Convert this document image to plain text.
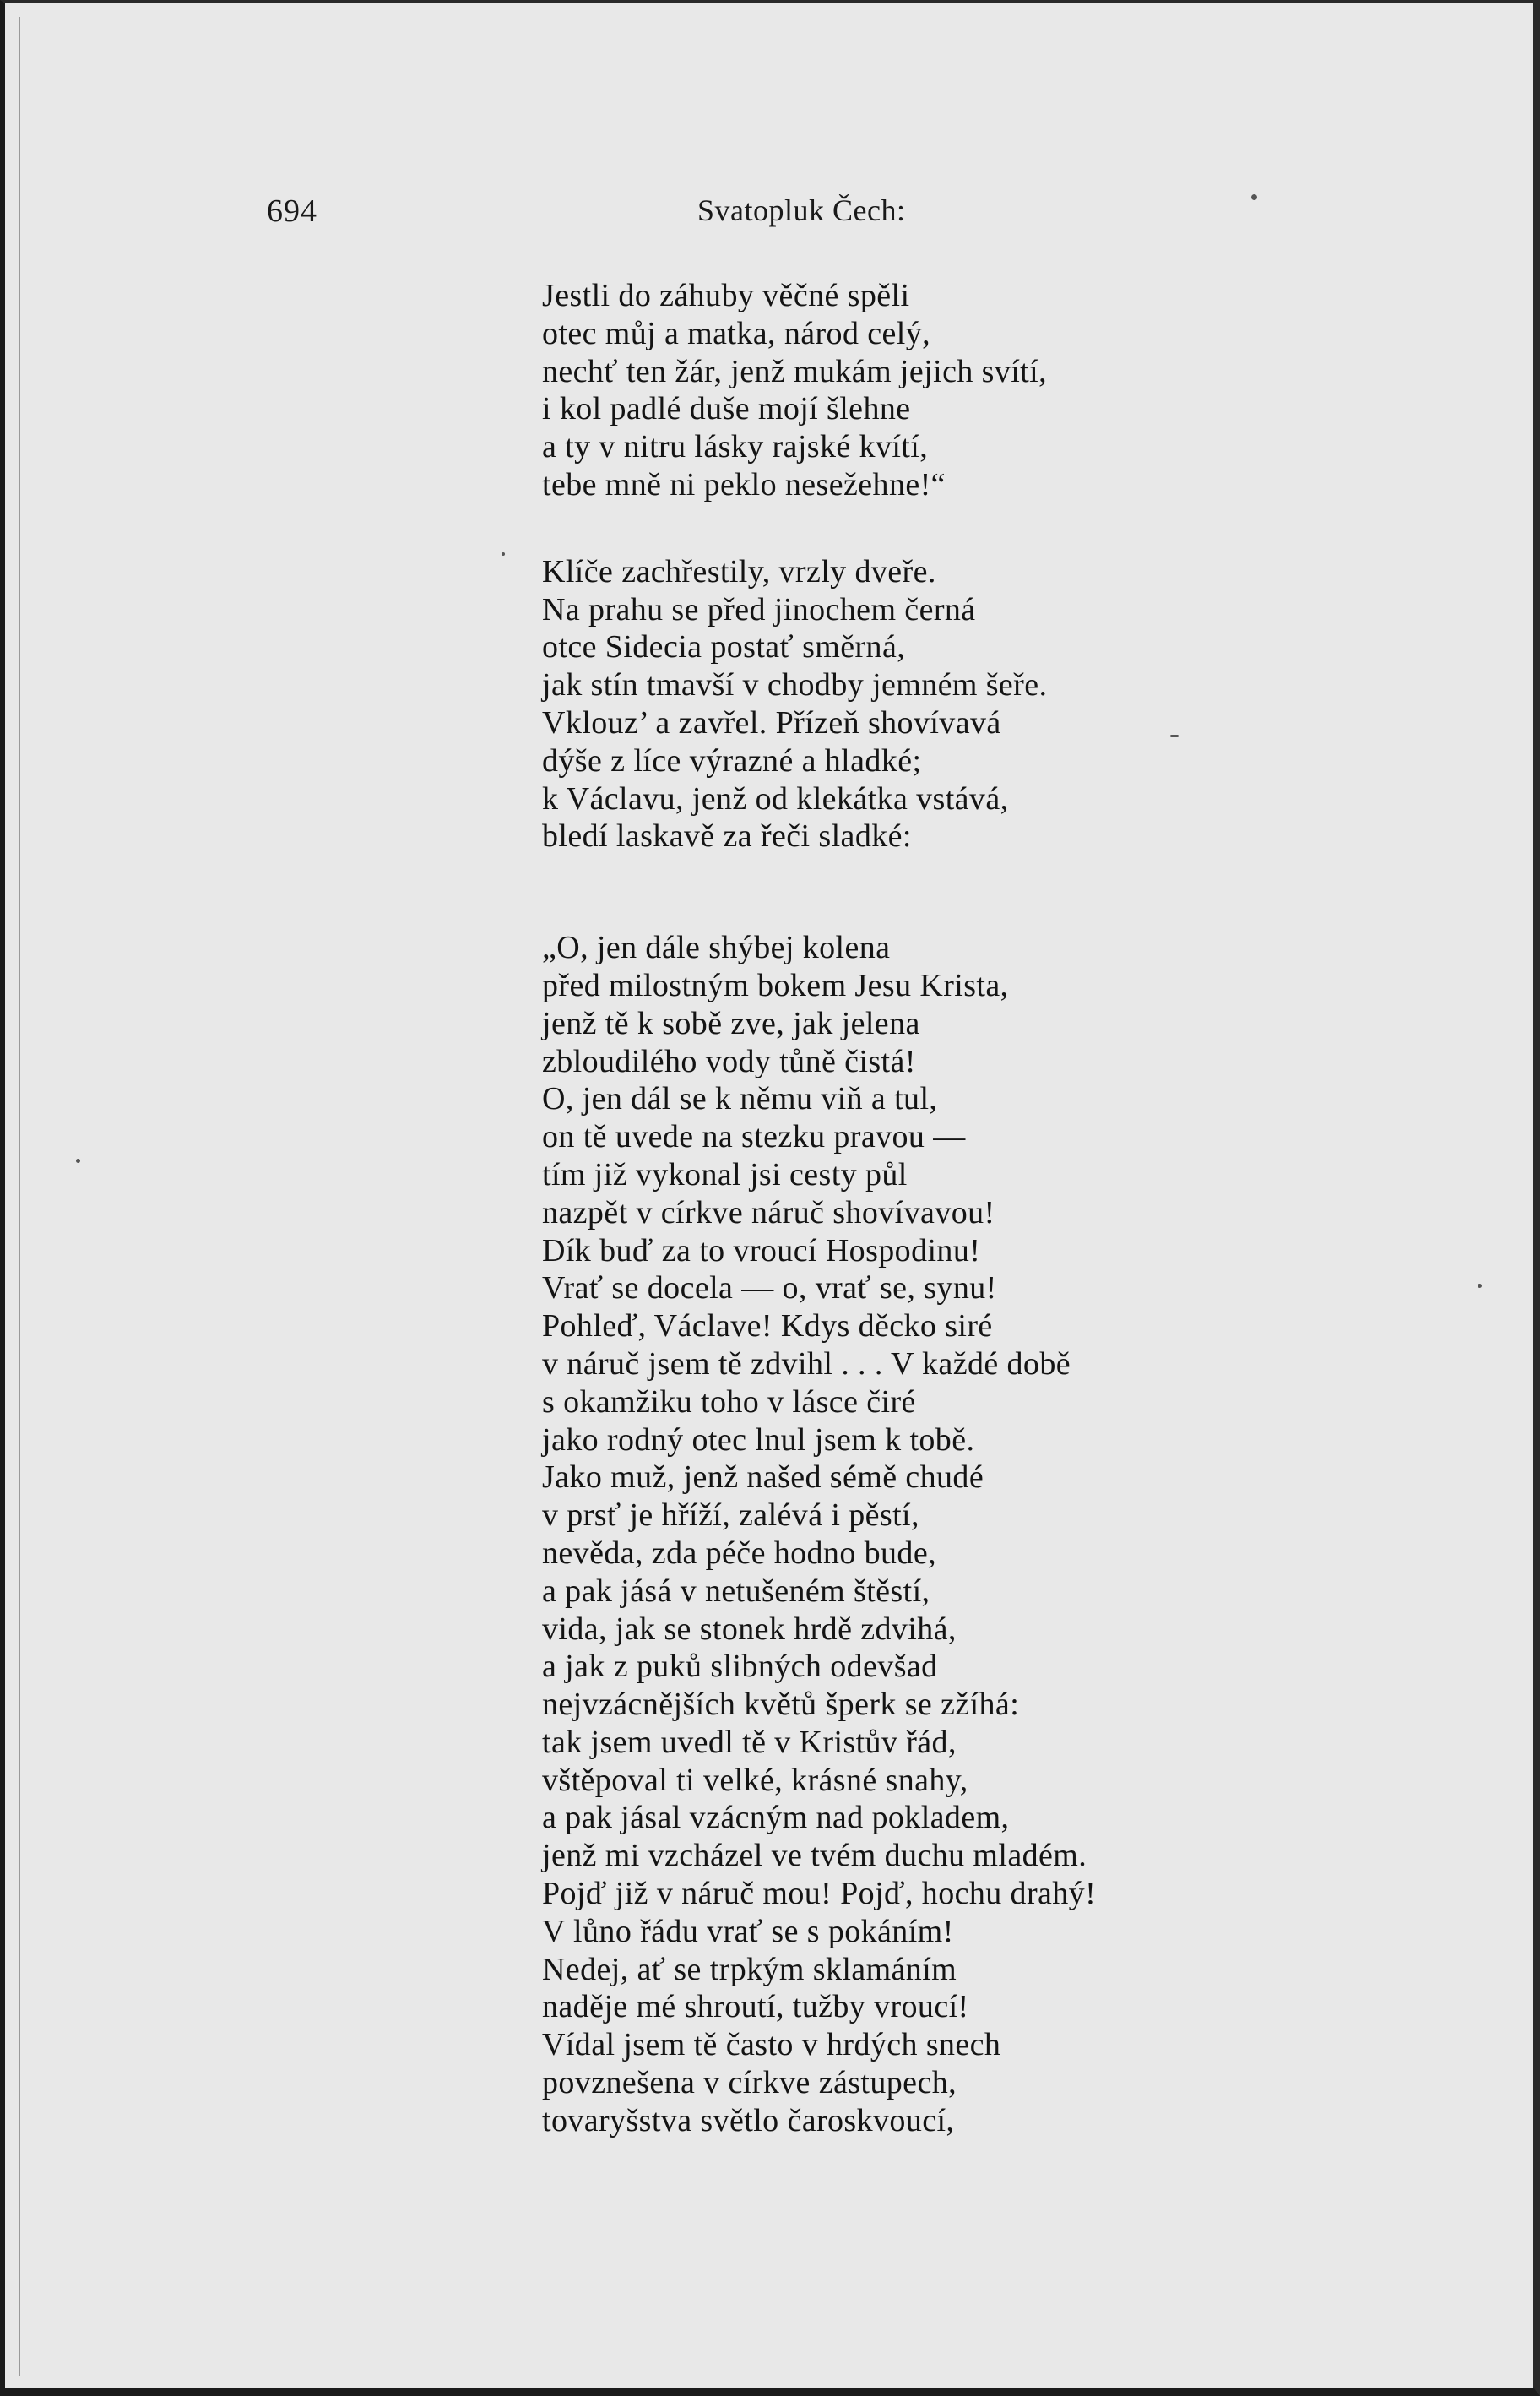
694	Svatopluk Čech:
Jestli do záhuby věčné spěli
otec můj a matka, národ celý,
nechť ten žár, jenž mukám jejich svítí,
i kol padlé duše mojí šlehne
a ty v nitru lásky rajské kvítí,
tebe mně ni peklo nesežehne!“
Klíče zachřestily, vrzly dveře.
Na prahu se před jinochem černá
otce Sidecia postať směrná,
jak stín tmavší v chodby jemném šeře.
Vklouz’ a zavřel. Přízeň shovívavá
dýše z líce výrazné a hladké;
k Václavu, jenž od klekátka vstává,
bledí laskavě za řeči sladké:
„O, jen dále shýbej kolena
před milostným bokem Jesu Krista,
jenž tě k sobě zve, jak jelena
zbloudilého vody tůně čistá!
O, jen dál se k němu viň a tul,
on tě uvede na stezku pravou —
tím již vykonal jsi cesty půl
nazpět v církve náruč shovívavou!
Dík buď za to vroucí Hospodinu!
Vrať se docela — o, vrať se, synu!
Pohleď, Václave! Kdys děcko siré
v náruč jsem tě zdvihl . . . V každé době
s okamžiku toho v lásce čiré
jako rodný otec lnul jsem k tobě.
Jako muž, jenž našed sémě chudé
v prsť je hříží, zalévá i pěstí,
nevěda, zda péče hodno bude,
a pak jásá v netušeném štěstí,
vida, jak se stonek hrdě zdvihá,
a jak z puků slibných odevšad
nejvzácnějších květů šperk se zžíhá:
tak jsem uvedl tě v Kristův řád,
vštěpoval ti velké, krásné snahy,
a pak jásal vzácným nad pokladem,
jenž mi vzcházel ve tvém duchu mladém.
Pojď již v náruč mou! Pojď, hochu drahý!
V lůno řádu vrať se s pokáním!
Nedej, ať se trpkým sklamáním
naděje mé shroutí, tužby vroucí!
Vídal jsem tě často v hrdých snech
povznešena v církve zástupech,
tovaryšstva světlo čaroskvoucí,
